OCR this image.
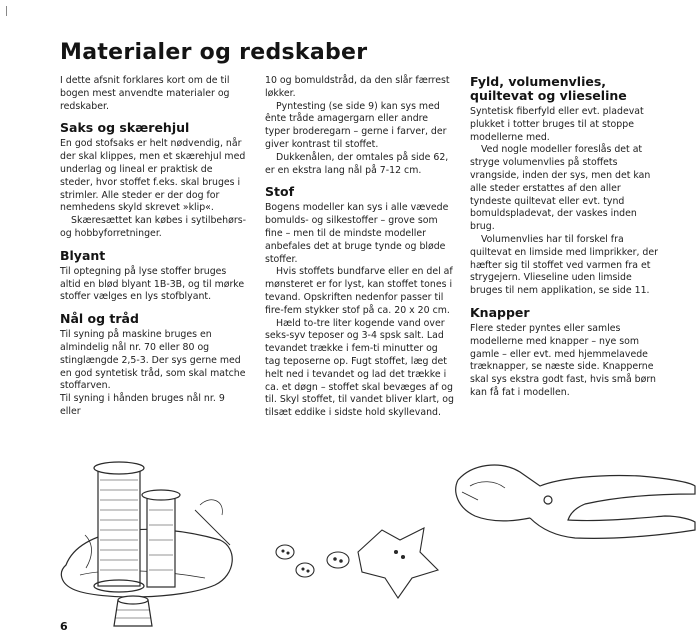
Materialer og redskaber

I dette afsnit forklares kort om de til bogen mest anvendte materialer og redskaber.

Saks og skærehjul

En god stofsaks er helt nødvendig, når der skal klippes, men et skærehjul med underlag og lineal er praktisk de steder, hvor stoffet f.eks. skal bruges i strimler. Alle steder er der dog for nemhedens skyld skrevet »klip«.

Skæresættet kan købes i sytilbehørs- og hobbyforretninger.

Blyant

Til optegning på lyse stoffer bruges altid en blød blyant 1B-3B, og til mørke stoffer vælges en lys stofblyant.

Nål og tråd

Til syning på maskine bruges en almindelig nål nr. 70 eller 80 og stinglængde 2,5-3. Der sys gerne med en god syntetisk tråd, som skal matche stoffarven.

Til syning i hånden bruges nål nr. 9 eller

10 og bomuldstråd, da den slår færrest løkker.

Pyntesting (se side 9) kan sys med ênte tråde amagergarn eller andre typer broderegarn – gerne i farver, der giver kontrast til stoffet.

Dukkenålen, der omtales på side 62, er en ekstra lang nål på 7-12 cm.

Stof

Bogens modeller kan sys i alle vævede bomulds- og silkestoffer – grove som fine – men til de mindste modeller anbefales det at bruge tynde og bløde stoffer.

Hvis stoffets bundfarve eller en del af mønsteret er for lyst, kan stoffet tones i tevand. Opskriften nedenfor passer til fire-fem stykker stof på ca. 20 x 20 cm.

Hæld to-tre liter kogende vand over seks-syv teposer og 3-4 spsk salt. Lad tevandet trække i fem-ti minutter og tag teposerne op. Fugt stoffet, læg det helt ned i tevandet og lad det trække i ca. et døgn – stoffet skal bevæges af og til. Skyl stoffet, til vandet bliver klart, og tilsæt eddike i sidste hold skyllevand.

Fyld, volumenvlies, quiltevat og vlieseline

Syntetisk fiberfyld eller evt. pladevat plukket i totter bruges til at stoppe modellerne med.

Ved nogle modeller foreslås det at stryge volumenvlies på stoffets vrangside, inden der sys, men det kan alle steder erstattes af den aller tyndeste quiltevat eller evt. tynd bomuldspladevat, der vaskes inden brug.

Volumenvlies har til forskel fra quiltevat en limside med limprikker, der hæfter sig til stoffet ved varmen fra et strygejern. Vlieseline uden limside bruges til nem applikation, se side 11.

Knapper

Flere steder pyntes eller samles modellerne med knapper – nye som gamle – eller evt. med hjemmelavede træknapper, se næste side. Knapperne skal sys ekstra godt fast, hvis små børn kan få fat i modellen.

6
